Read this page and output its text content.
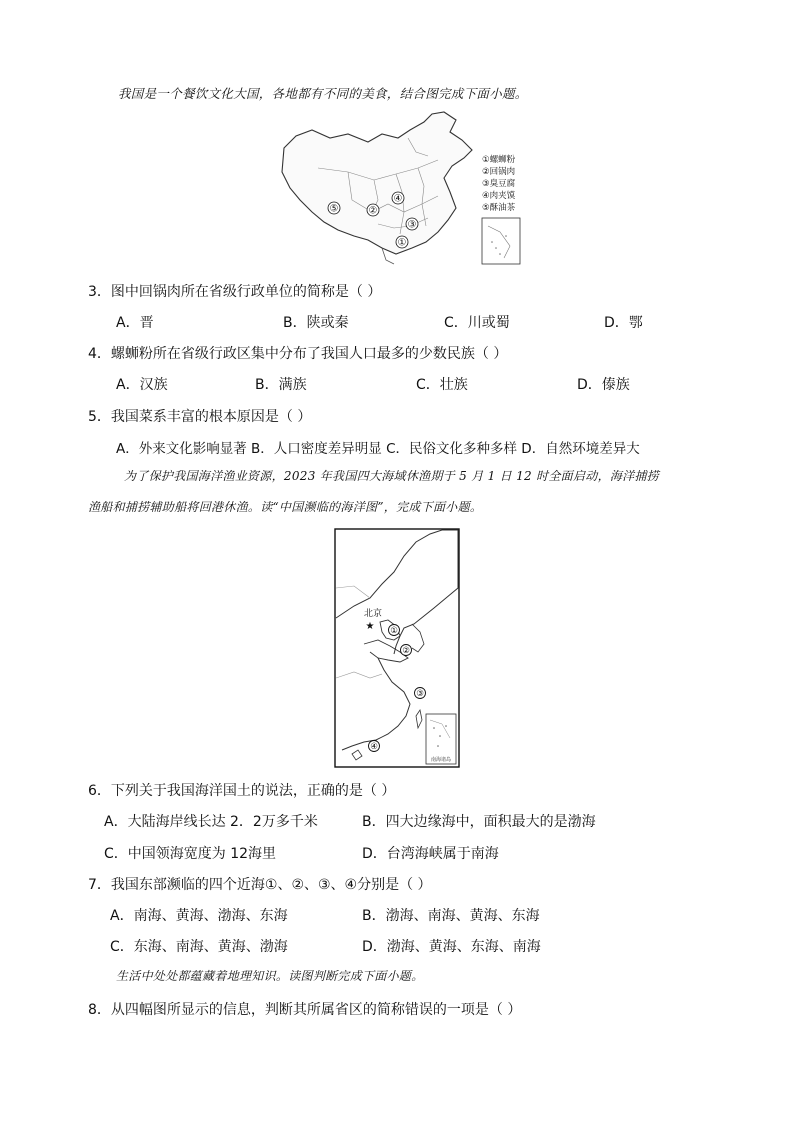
我国是一个餐饮文化大国，各地都有不同的美食，结合图完成下面小题。
⑤	②
④
③
①
①螺蛳粉
②回锅肉
③臭豆腐
④肉夹馍
⑤酥油茶
3．图中回锅肉所在省级行政单位的简称是（ ）
A．晋	B．陕或秦	C．川或蜀	D．鄂
4．螺蛳粉所在省级行政区集中分布了我国人口最多的少数民族（ ）
A．汉族	B．满族	C．壮族	D．傣族
5．我国菜系丰富的根本原因是（ ）
A．外来文化影响显著 B．人口密度差异明显 C．民俗文化多种多样 D．自然环境差异大
为了保护我国海洋渔业资源，2023 年我国四大海域休渔期于 5 月 1 日 12 时全面启动，海洋捕捞
渔船和捕捞辅助船将回港休渔。读“中国濒临的海洋图”，完成下面小题。
北京
★ ①
②
③
④
南海诸岛
6．下列关于我国海洋国土的说法，正确的是（ ）
A．大陆海岸线长达 2．2万多千米	B．四大边缘海中，面积最大的是渤海
C．中国领海宽度为 12海里	D．台湾海峡属于南海
7．我国东部濒临的四个近海①、②、③、④分别是（ ）
A．南海、黄海、渤海、东海	B．渤海、南海、黄海、东海
C．东海、南海、黄海、渤海	D．渤海、黄海、东海、南海
生活中处处都蕴藏着地理知识。读图判断完成下面小题。
8．从四幅图所显示的信息，判断其所属省区的简称错误的一项是（ ）
